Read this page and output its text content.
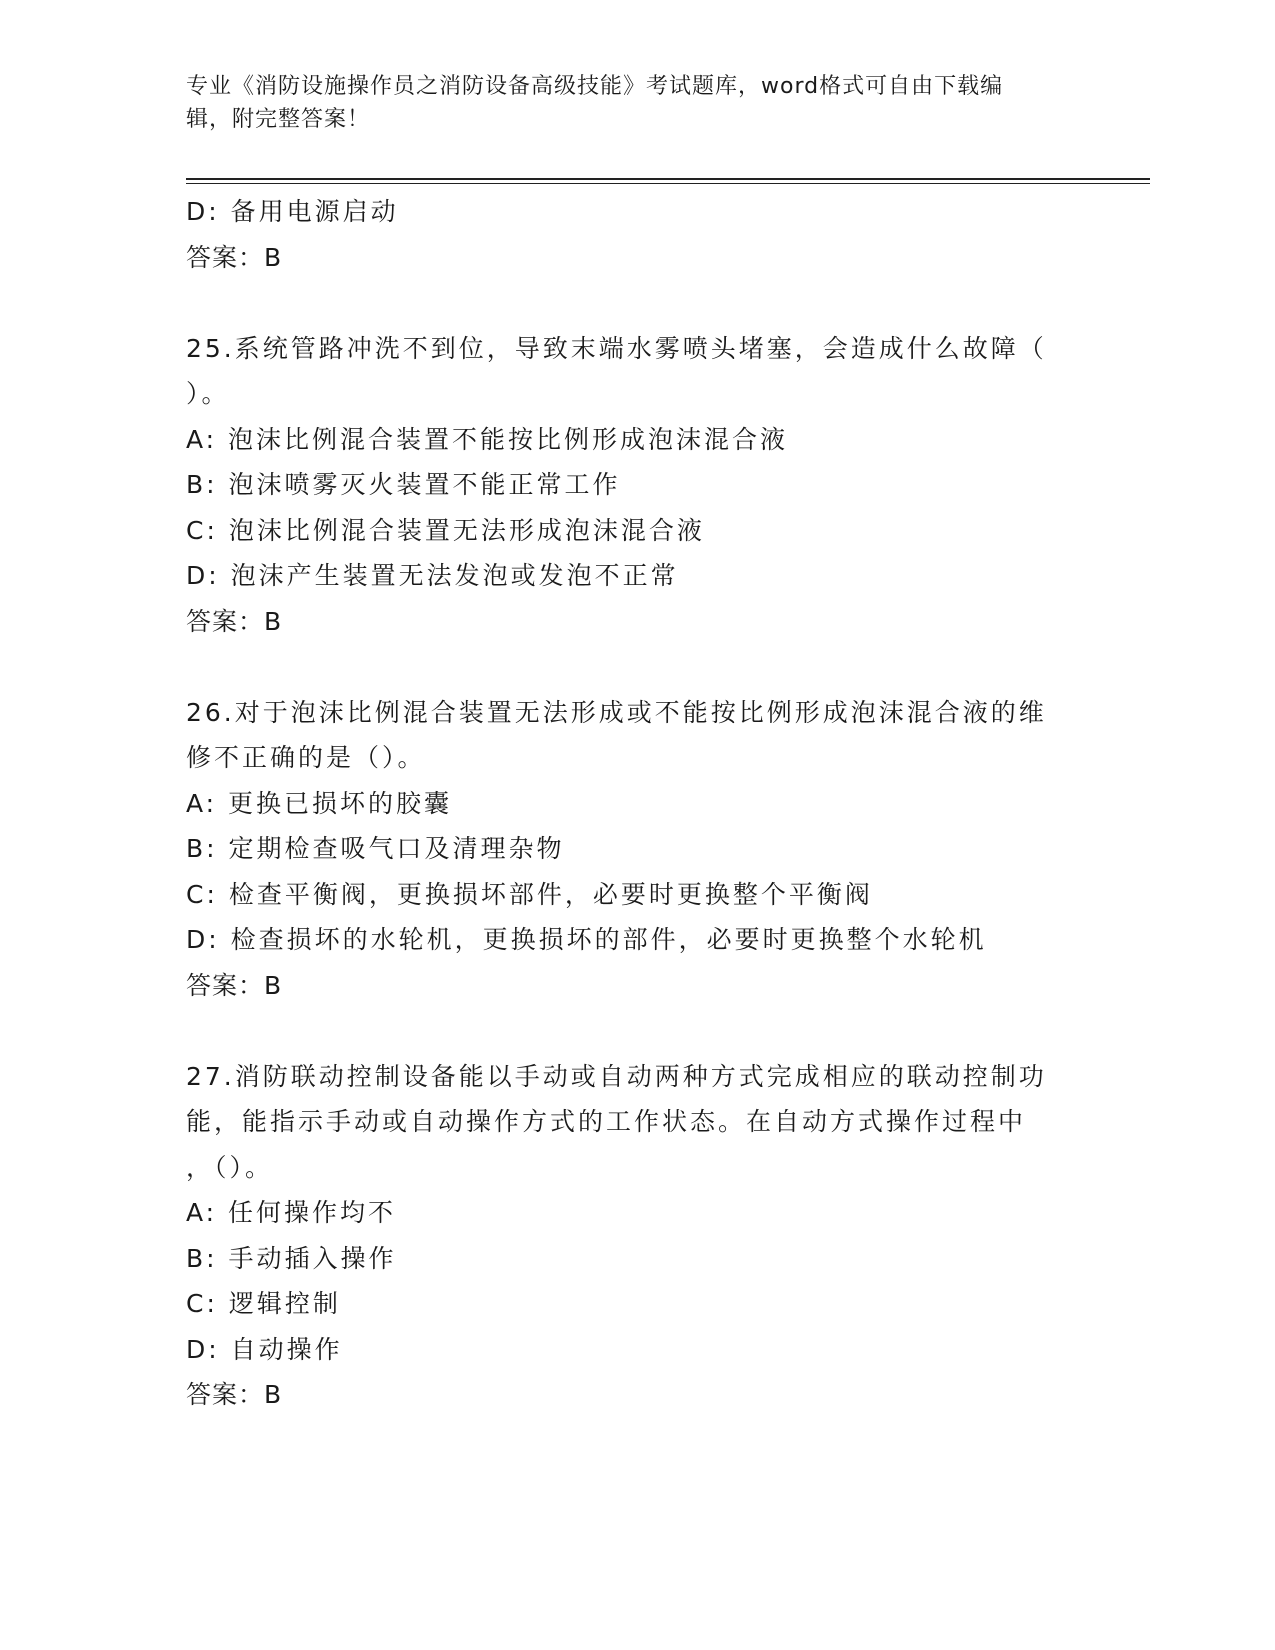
专业《消防设施操作员之消防设备高级技能》考试题库，word格式可自由下载编
辑，附完整答案！
D: 备用电源启动
答案：B
25.系统管路冲洗不到位，导致末端水雾喷头堵塞，会造成什么故障（
）。
A: 泡沫比例混合装置不能按比例形成泡沫混合液
B: 泡沫喷雾灭火装置不能正常工作
C: 泡沫比例混合装置无法形成泡沫混合液
D: 泡沫产生装置无法发泡或发泡不正常
答案：B
26.对于泡沫比例混合装置无法形成或不能按比例形成泡沫混合液的维
修不正确的是（）。
A: 更换已损坏的胶囊
B: 定期检查吸气口及清理杂物
C: 检查平衡阀，更换损坏部件，必要时更换整个平衡阀
D: 检查损坏的水轮机，更换损坏的部件，必要时更换整个水轮机
答案：B
27.消防联动控制设备能以手动或自动两种方式完成相应的联动控制功
能，能指示手动或自动操作方式的工作状态。在自动方式操作过程中
，（）。
A: 任何操作均不
B: 手动插入操作
C: 逻辑控制
D: 自动操作
答案：B
